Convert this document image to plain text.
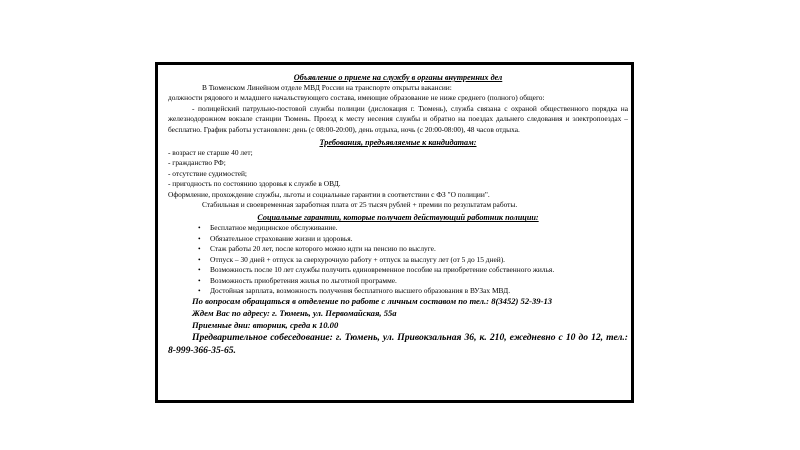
Объявление о приеме на службу в органы внутренних дел

В Тюменском Линейном отделе МВД России на транспорте открыты вакансии:

должности рядового и младшего начальствующего состава, имеющие образование не ниже среднего (полного) общего:

- полицейский патрульно-постовой службы полиции (дислокация г. Тюмень), служба связана с охраной общественного порядка на железнодорожном вокзале станции Тюмень. Проезд к месту несения службы и обратно на поездах дальнего следования и электропоездах – бесплатно. График работы установлен: день (с 08:00-20:00), день отдыха, ночь (с 20:00-08:00), 48 часов отдыха.

Требования, предъявляемые к кандидатам:

- возраст не старше 40 лет;

- гражданство РФ;

- отсутствие судимостей;

- пригодность по состоянию здоровья к службе в ОВД.

Оформление, прохождение службы, льготы и социальные гарантии в соответствии с ФЗ "О полиции".

Стабильная и своевременная заработная плата от 25 тысяч рублей + премии по результатам работы.

Социальные гарантии, которые получает действующий работник полиции:
• Бесплатное медицинское обслуживание.
• Обязательное страхование жизни и здоровья.
• Стаж работы 20 лет, после которого можно идти на пенсию по выслуге.
• Отпуск – 30 дней + отпуск за сверхурочную работу + отпуск за выслугу лет (от 5 до 15 дней).
• Возможность после 10 лет службы получить единовременное пособие на приобретение собственного жилья.
• Возможность приобретения жилья по льготной программе.
• Достойная зарплата, возможность получения бесплатного высшего образования в ВУЗах МВД.

По вопросам обращаться в отделение по работе с личным составом по тел.: 8(3452) 52-39-13

Ждем Вас по адресу: г. Тюмень, ул. Первомайская, 55а

Приемные дни: вторник, среда к 10.00

Предварительное собеседование: г. Тюмень, ул. Привокзальная 36, к. 210, ежедневно с 10 до 12, тел.: 8-999-366-35-65.
